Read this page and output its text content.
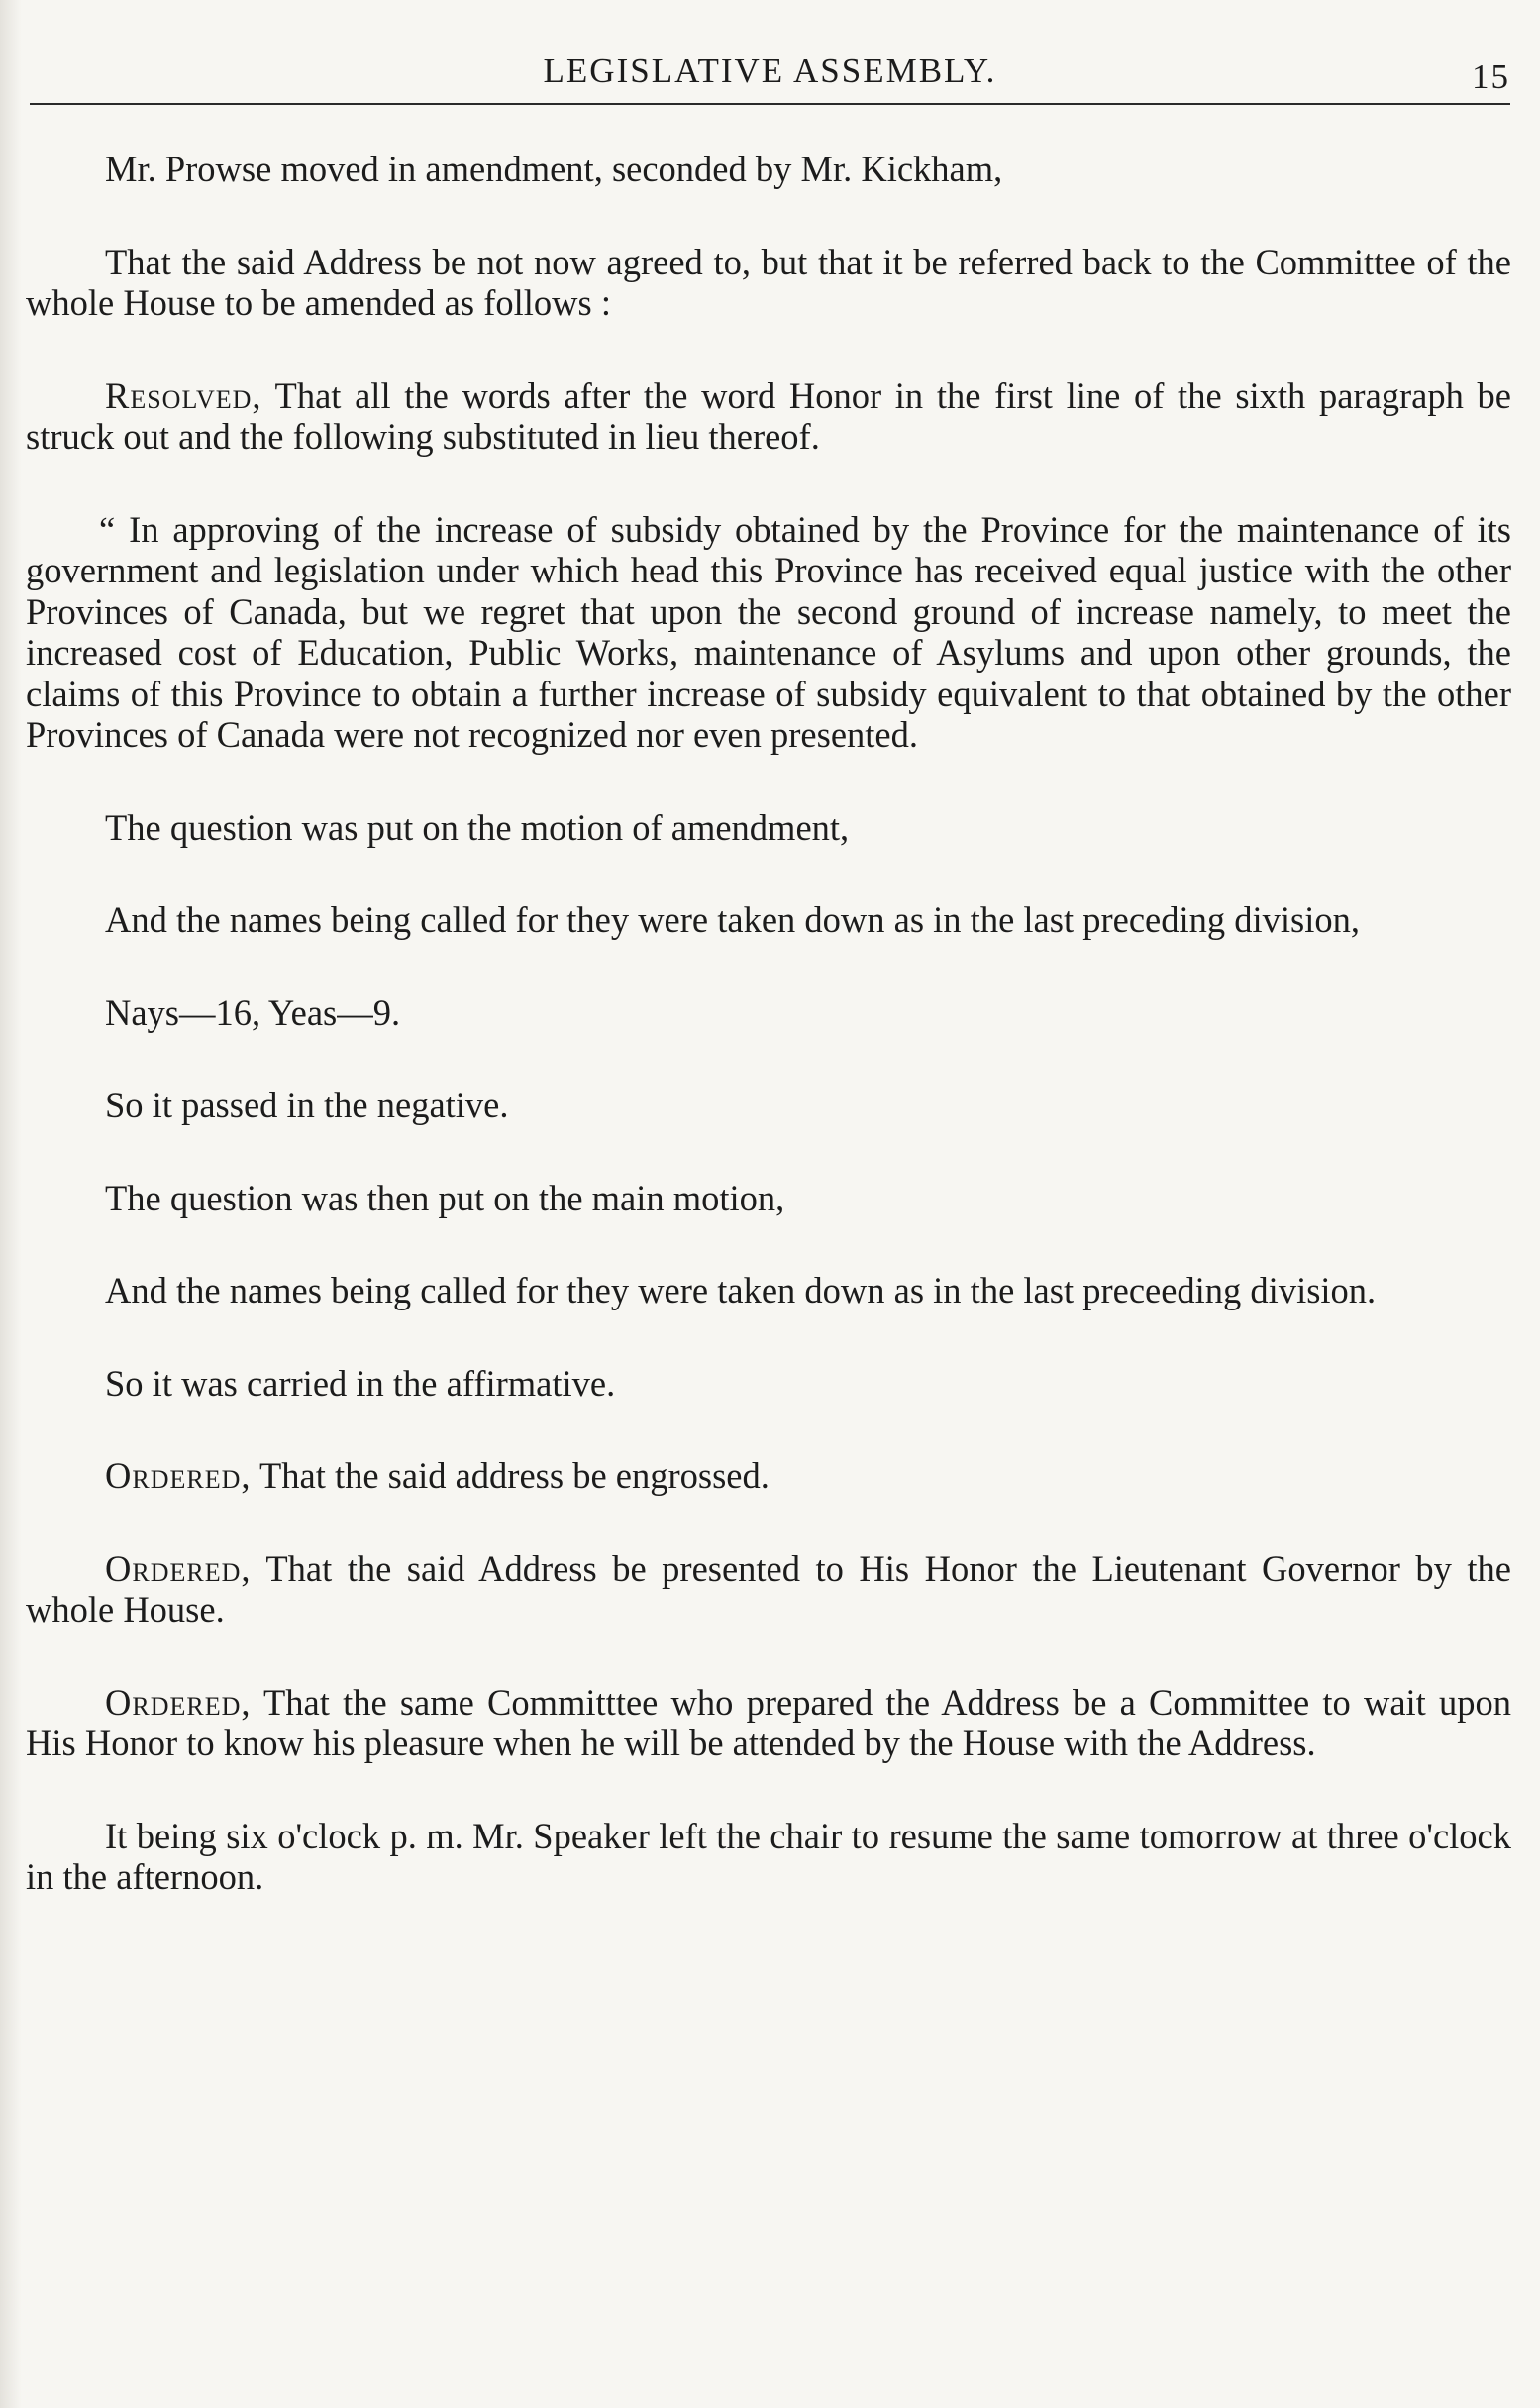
LEGISLATIVE ASSEMBLY.	15

Mr. Prowse moved in amendment, seconded by Mr. Kickham,

That the said Address be not now agreed to, but that it be referred back to the Committee of the whole House to be amended as follows :

Resolved, That all the words after the word Honor in the first line of the sixth paragraph be struck out and the following substituted in lieu thereof.

“ In approving of the increase of subsidy obtained by the Province for the maintenance of its government and legislation under which head this Province has received equal justice with the other Provinces of Canada, but we regret that upon the second ground of increase namely, to meet the increased cost of Education, Public Works, maintenance of Asylums and upon other grounds, the claims of this Province to obtain a further increase of subsidy equivalent to that obtained by the other Provinces of Canada were not recognized nor even presented.

The question was put on the motion of amendment,

And the names being called for they were taken down as in the last preceding division,

Nays—16, Yeas—9.

So it passed in the negative.

The question was then put on the main motion,

And the names being called for they were taken down as in the last preceeding division.

So it was carried in the affirmative.

Ordered, That the said address be engrossed.

Ordered, That the said Address be presented to His Honor the Lieutenant Governor by the whole House.

Ordered, That the same Committtee who prepared the Address be a Committee to wait upon His Honor to know his pleasure when he will be attended by the House with the Address.

It being six o'clock p. m. Mr. Speaker left the chair to resume the same tomorrow at three o'clock in the afternoon.
